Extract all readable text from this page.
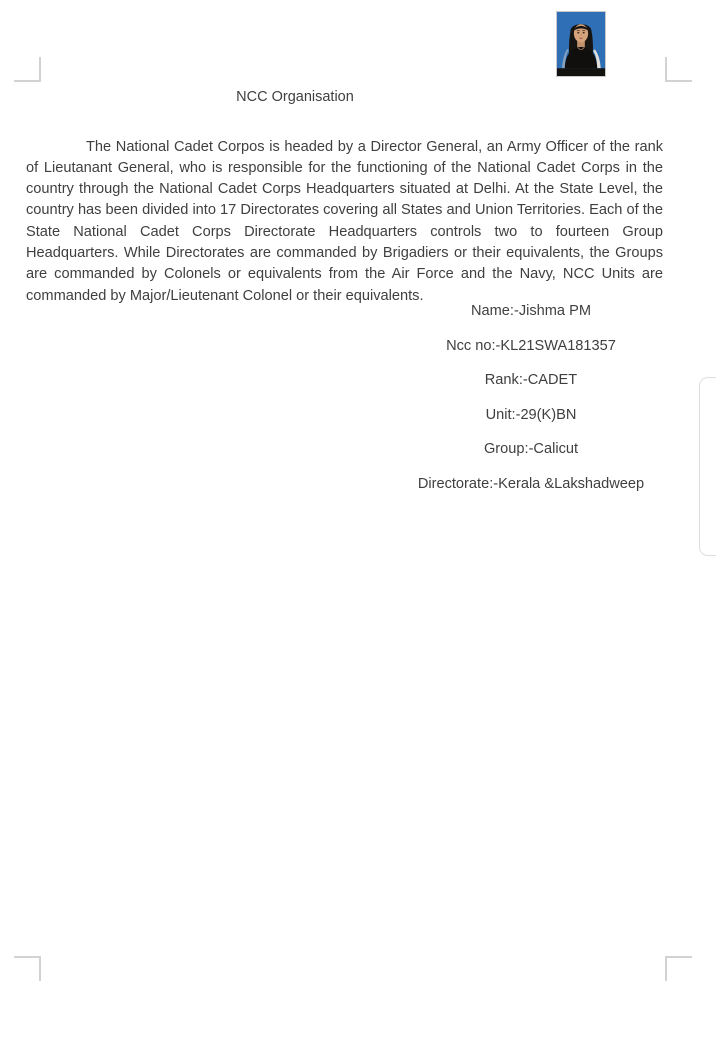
NCC Organisation

The National Cadet Corpos is headed by a Director General, an Army Officer of the rank of Lieutanant General, who is responsible for the functioning of the National Cadet Corps in the country through the National Cadet Corps Headquarters situated at Delhi. At the State Level, the country has been divided into 17 Directorates covering all States and Union Territories. Each of the State National Cadet Corps Directorate Headquarters controls two to fourteen Group Headquarters. While Directorates are commanded by Brigadiers or their equivalents, the Groups are commanded by Colonels or equivalents from the Air Force and the Navy, NCC Units are commanded by Major/Lieutenant Colonel or their equivalents.

Name:-Jishma PM
Ncc no:-KL21SWA181357
Rank:-CADET
Unit:-29(K)BN
Group:-Calicut
Directorate:-Kerala &Lakshadweep
